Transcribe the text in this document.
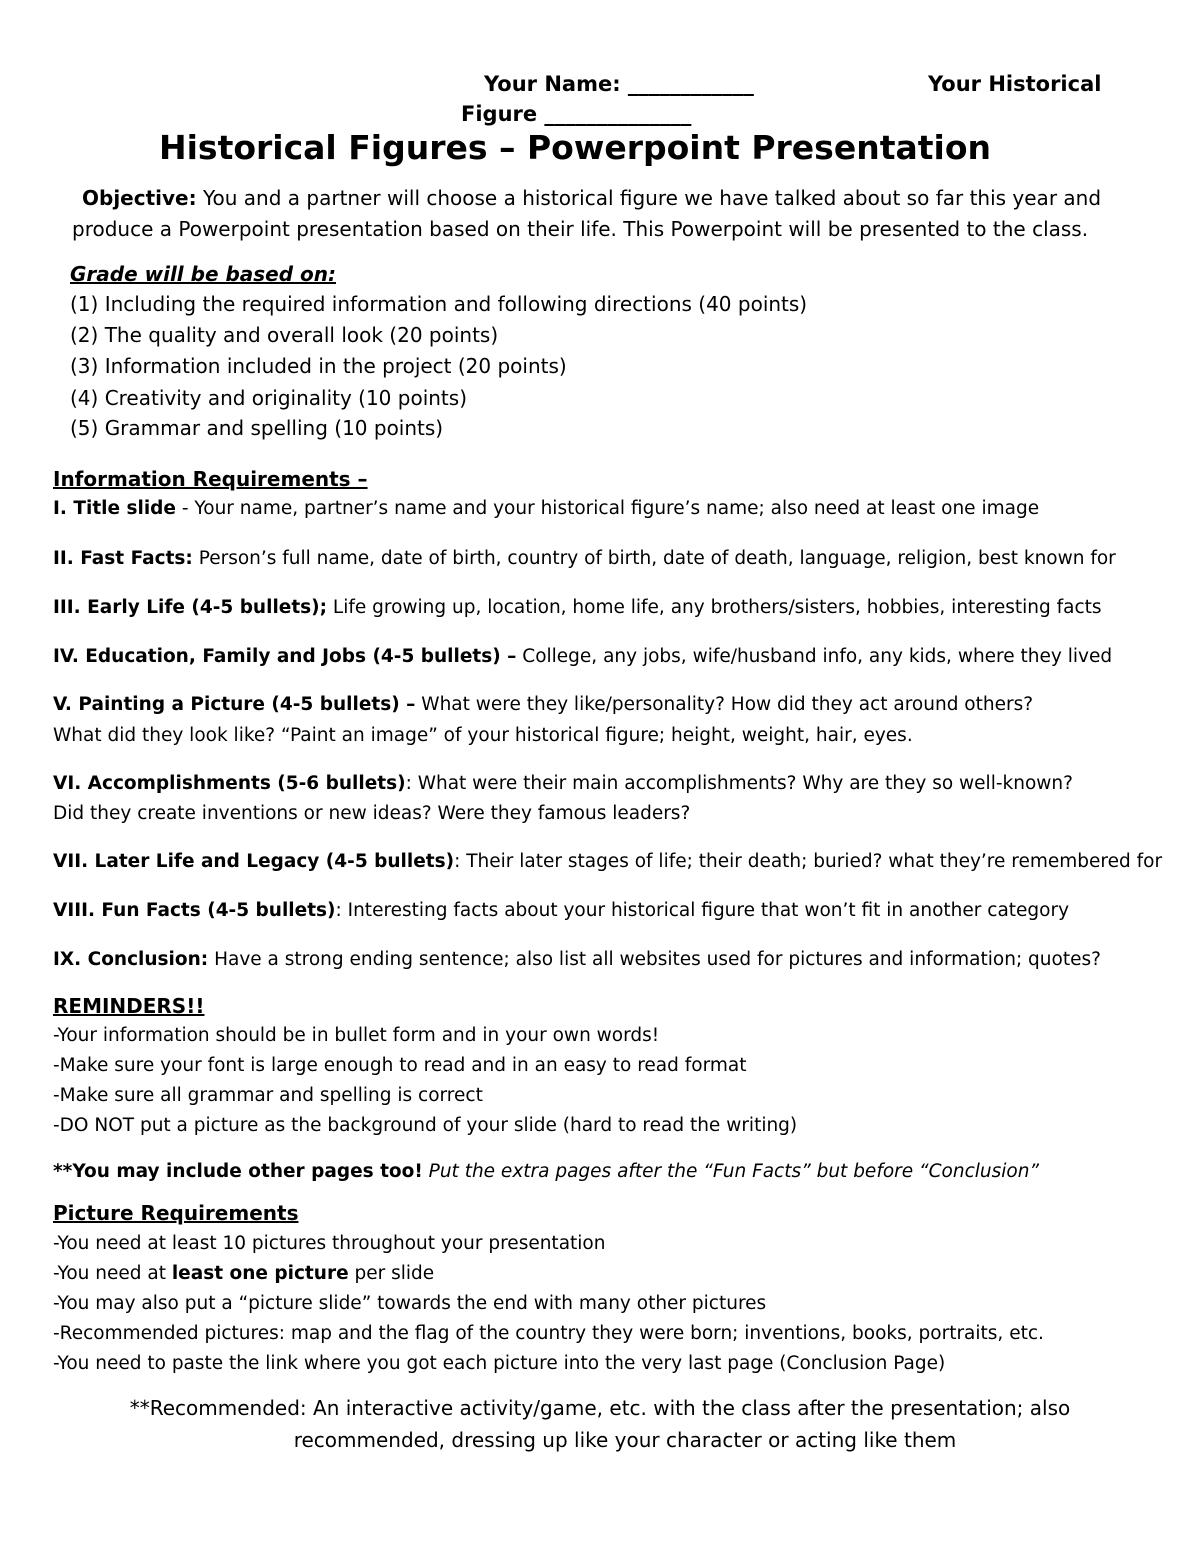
Your Name: ____________	Your Historical
Figure ______________
Historical Figures – Powerpoint Presentation
Objective: You and a partner will choose a historical figure we have talked about so far this year and
produce a Powerpoint presentation based on their life. This Powerpoint will be presented to the class.
Grade will be based on:
(1) Including the required information and following directions (40 points)
(2) The quality and overall look (20 points)
(3) Information included in the project (20 points)
(4) Creativity and originality (10 points)
(5) Grammar and spelling (10 points)
Information Requirements –
I. Title slide - Your name, partner’s name and your historical figure’s name; also need at least one image
II. Fast Facts: Person’s full name, date of birth, country of birth, date of death, language, religion, best known for
III. Early Life (4-5 bullets); Life growing up, location, home life, any brothers/sisters, hobbies, interesting facts
IV. Education, Family and Jobs (4-5 bullets) – College, any jobs, wife/husband info, any kids, where they lived
V. Painting a Picture (4-5 bullets) – What were they like/personality? How did they act around others?
What did they look like? “Paint an image” of your historical figure; height, weight, hair, eyes.
VI. Accomplishments (5-6 bullets): What were their main accomplishments? Why are they so well-known?
Did they create inventions or new ideas? Were they famous leaders?
VII. Later Life and Legacy (4-5 bullets): Their later stages of life; their death; buried? what they’re remembered for
VIII. Fun Facts (4-5 bullets): Interesting facts about your historical figure that won’t fit in another category
IX. Conclusion: Have a strong ending sentence; also list all websites used for pictures and information; quotes?
REMINDERS!!
-Your information should be in bullet form and in your own words!
-Make sure your font is large enough to read and in an easy to read format
-Make sure all grammar and spelling is correct
-DO NOT put a picture as the background of your slide (hard to read the writing)
**You may include other pages too! Put the extra pages after the “Fun Facts” but before “Conclusion”
Picture Requirements
-You need at least 10 pictures throughout your presentation
-You need at least one picture per slide
-You may also put a “picture slide” towards the end with many other pictures
-Recommended pictures: map and the flag of the country they were born; inventions, books, portraits, etc.
-You need to paste the link where you got each picture into the very last page (Conclusion Page)
**Recommended: An interactive activity/game, etc. with the class after the presentation; also
recommended, dressing up like your character or acting like them
